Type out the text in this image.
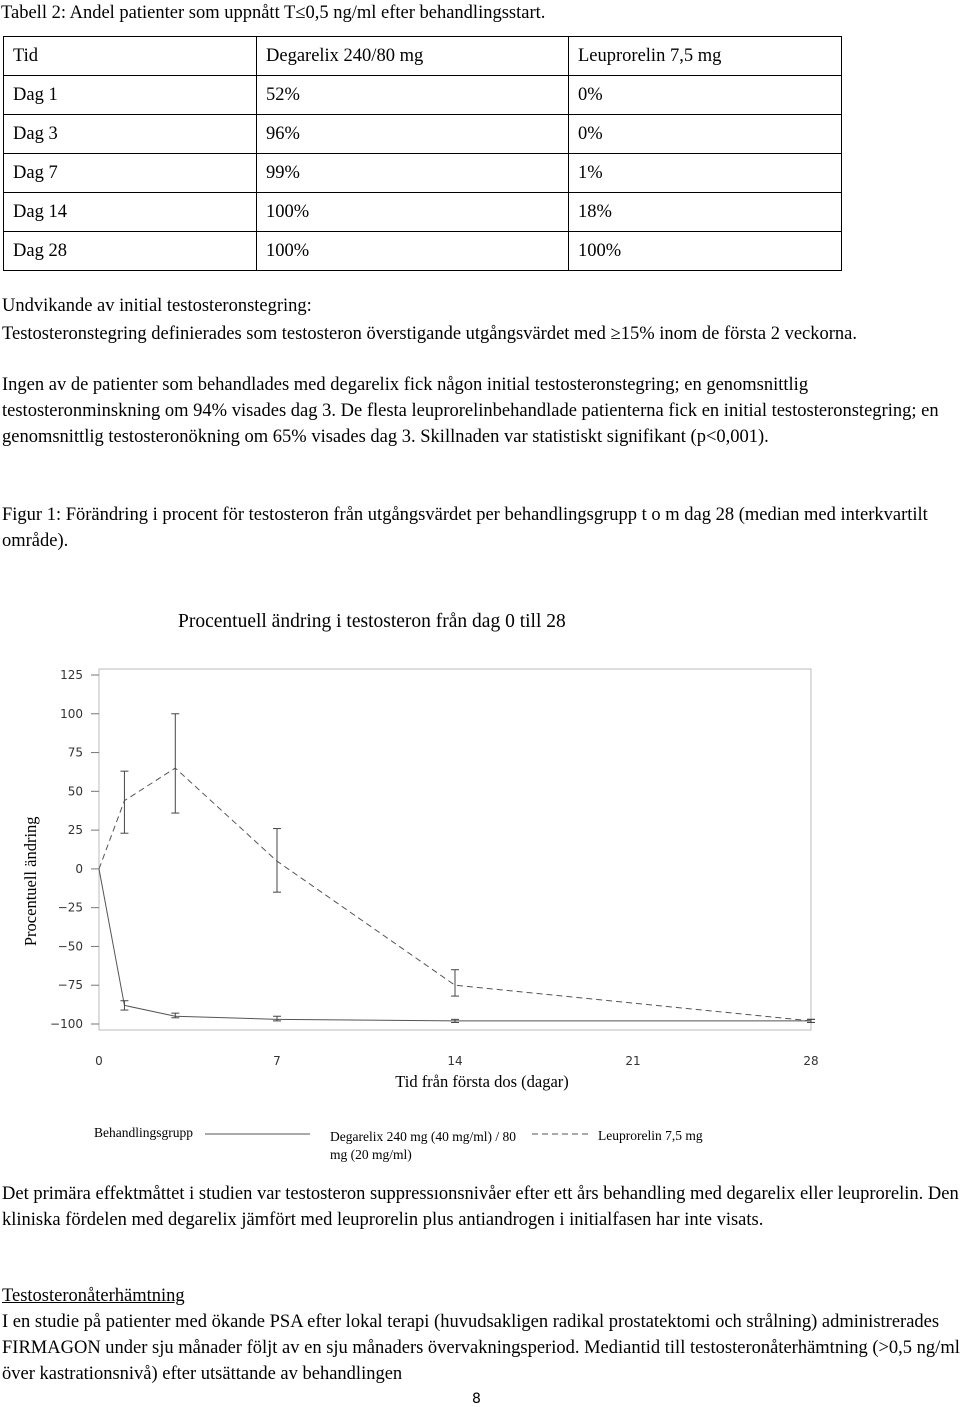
Tabell 2: Andel patienter som uppnått T≤0,5 ng/ml efter behandlingsstart.
Tid	Degarelix 240/80 mg	Leuprorelin 7,5 mg
Dag 1	52%	0%
Dag 3	96%	0%
Dag 7	99%	1%
Dag 14	100%	18%
Dag 28	100%	100%
Undvikande av initial testosteronstegring:
Testosteronstegring definierades som testosteron överstigande utgångsvärdet med ≥15% inom de första 2 veckorna.
Ingen av de patienter som behandlades med degarelix fick någon initial testosteronstegring; en genomsnittlig testosteronminskning om 94% visades dag 3. De flesta leuprorelinbehandlade patienterna fick en initial testosteronstegring; en genomsnittlig testosteronökning om 65% visades dag 3. Skillnaden var statistiskt signifikant (p<0,001).
Figur 1: Förändring i procent för testosteron från utgångsvärdet per behandlingsgrupp t o m dag 28 (median med interkvartilt område).
Procentuell ändring i testosteron från dag 0 till 28
125
100
75
50
25
0
−25
−50
−75
−100
0	7	14	21	28
Procentuell ändring
Tid från första dos (dagar)
Behandlingsgrupp	Degarelix 240 mg (40 mg/ml) / 80 mg (20 mg/ml)
Leuprorelin 7,5 mg
Det primära effektmåttet i studien var testosteron suppressıonsnivåer efter ett års behandling med degarelix eller leuprorelin. Den kliniska fördelen med degarelix jämfört med leuprorelin plus antiandrogen i initialfasen har inte visats.
Testosteronåterhämtning
I en studie på patienter med ökande PSA efter lokal terapi (huvudsakligen radikal prostatektomi och strålning) administrerades FIRMAGON under sju månader följt av en sju månaders övervakningsperiod. Mediantid till testosteronåterhämtning (>0,5 ng/ml över kastrationsnivå) efter utsättande av behandlingen
8
